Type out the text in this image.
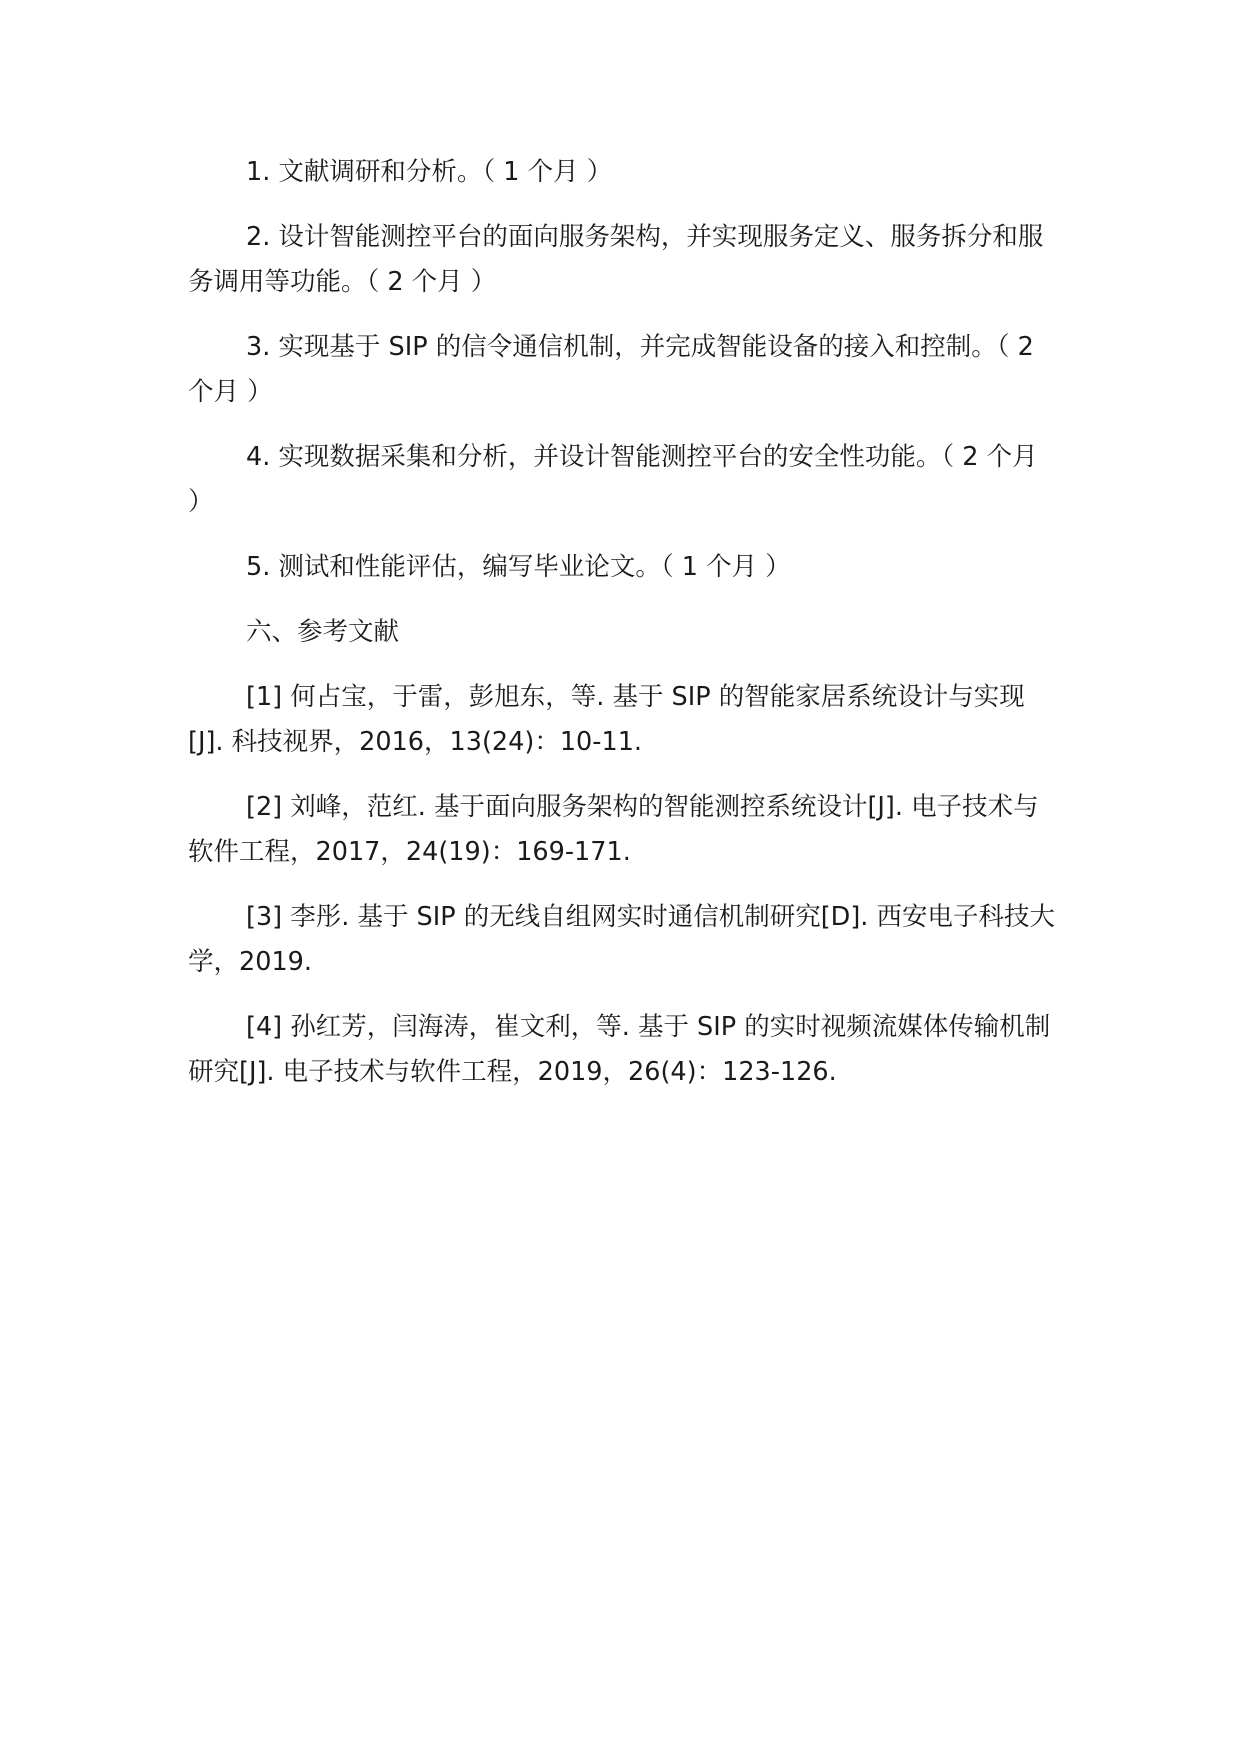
1. 文献调研和分析。（ 1 个月 ）

2. 设计智能测控平台的面向服务架构，并实现服务定义、服务拆分和服务调用等功能。（ 2 个月 ）

3. 实现基于 SIP 的信令通信机制，并完成智能设备的接入和控制。（ 2 个月 ）

4. 实现数据采集和分析，并设计智能测控平台的安全性功能。（ 2 个月 ）

5. 测试和性能评估，编写毕业论文。（ 1 个月 ）

六、参考文献

[1] 何占宝，于雷，彭旭东，等. 基于 SIP 的智能家居系统设计与实现[J]. 科技视界，2016，13(24)：10-11.

[2] 刘峰，范红. 基于面向服务架构的智能测控系统设计[J]. 电子技术与软件工程，2017，24(19)：169-171.

[3] 李彤. 基于 SIP 的无线自组网实时通信机制研究[D]. 西安电子科技大学，2019.

[4] 孙红芳，闫海涛，崔文利，等. 基于 SIP 的实时视频流媒体传输机制研究[J]. 电子技术与软件工程，2019，26(4)：123-126.
